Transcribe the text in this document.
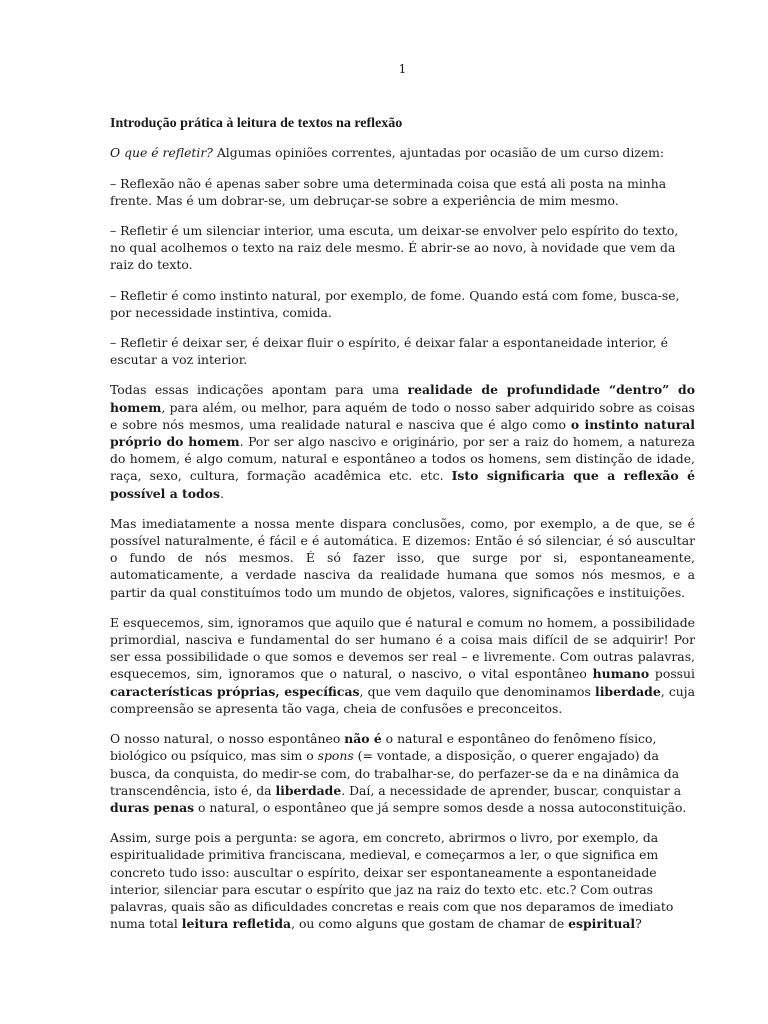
1
Introdução prática à leitura de textos na reflexão

O que é refletir? Algumas opiniões correntes, ajuntadas por ocasião de um curso dizem:

– Reflexão não é apenas saber sobre uma determinada coisa que está ali posta na minha frente. Mas é um dobrar-se, um debruçar-se sobre a experiência de mim mesmo.

– Refletir é um silenciar interior, uma escuta, um deixar-se envolver pelo espírito do texto, no qual acolhemos o texto na raiz dele mesmo. É abrir-se ao novo, à novidade que vem da raiz do texto.

– Refletir é como instinto natural, por exemplo, de fome. Quando está com fome, busca-se, por necessidade instintiva, comida.

– Refletir é deixar ser, é deixar fluir o espírito, é deixar falar a espontaneidade interior, é escutar a voz interior.

Todas essas indicações apontam para uma realidade de profundidade “dentro” do homem, para além, ou melhor, para aquém de todo o nosso saber adquirido sobre as coisas e sobre nós mesmos, uma realidade natural e nasciva que é algo como o instinto natural próprio do homem. Por ser algo nascivo e originário, por ser a raiz do homem, a natureza do homem, é algo comum, natural e espontâneo a todos os homens, sem distinção de idade, raça, sexo, cultura, formação acadêmica etc. etc. Isto significaria que a reflexão é possível a todos.

Mas imediatamente a nossa mente dispara conclusões, como, por exemplo, a de que, se é possível naturalmente, é fácil e é automática. E dizemos: Então é só silenciar, é só auscultar o fundo de nós mesmos. É só fazer isso, que surge por si, espontaneamente, automaticamente, a verdade nasciva da realidade humana que somos nós mesmos, e a partir da qual constituímos todo um mundo de objetos, valores, significações e instituições.

E esquecemos, sim, ignoramos que aquilo que é natural e comum no homem, a possibilidade primordial, nasciva e fundamental do ser humano é a coisa mais difícil de se adquirir! Por ser essa possibilidade o que somos e devemos ser real – e livremente. Com outras palavras, esquecemos, sim, ignoramos que o natural, o nascivo, o vital espontâneo humano possui características próprias, específicas, que vem daquilo que denominamos liberdade, cuja compreensão se apresenta tão vaga, cheia de confusões e preconceitos.

O nosso natural, o nosso espontâneo não é o natural e espontâneo do fenômeno físico, biológico ou psíquico, mas sim o spons (= vontade, a disposição, o querer engajado) da busca, da conquista, do medir-se com, do trabalhar-se, do perfazer-se da e na dinâmica da transcendência, isto é, da liberdade. Daí, a necessidade de aprender, buscar, conquistar a duras penas o natural, o espontâneo que já sempre somos desde a nossa autoconstituição.

Assim, surge pois a pergunta: se agora, em concreto, abrirmos o livro, por exemplo, da espiritualidade primitiva franciscana, medieval, e começarmos a ler, o que significa em concreto tudo isso: auscultar o espírito, deixar ser espontaneamente a espontaneidade interior, silenciar para escutar o espírito que jaz na raiz do texto etc. etc.? Com outras palavras, quais são as dificuldades concretas e reais com que nos deparamos de imediato numa total leitura refletida, ou como alguns que gostam de chamar de espiritual?
